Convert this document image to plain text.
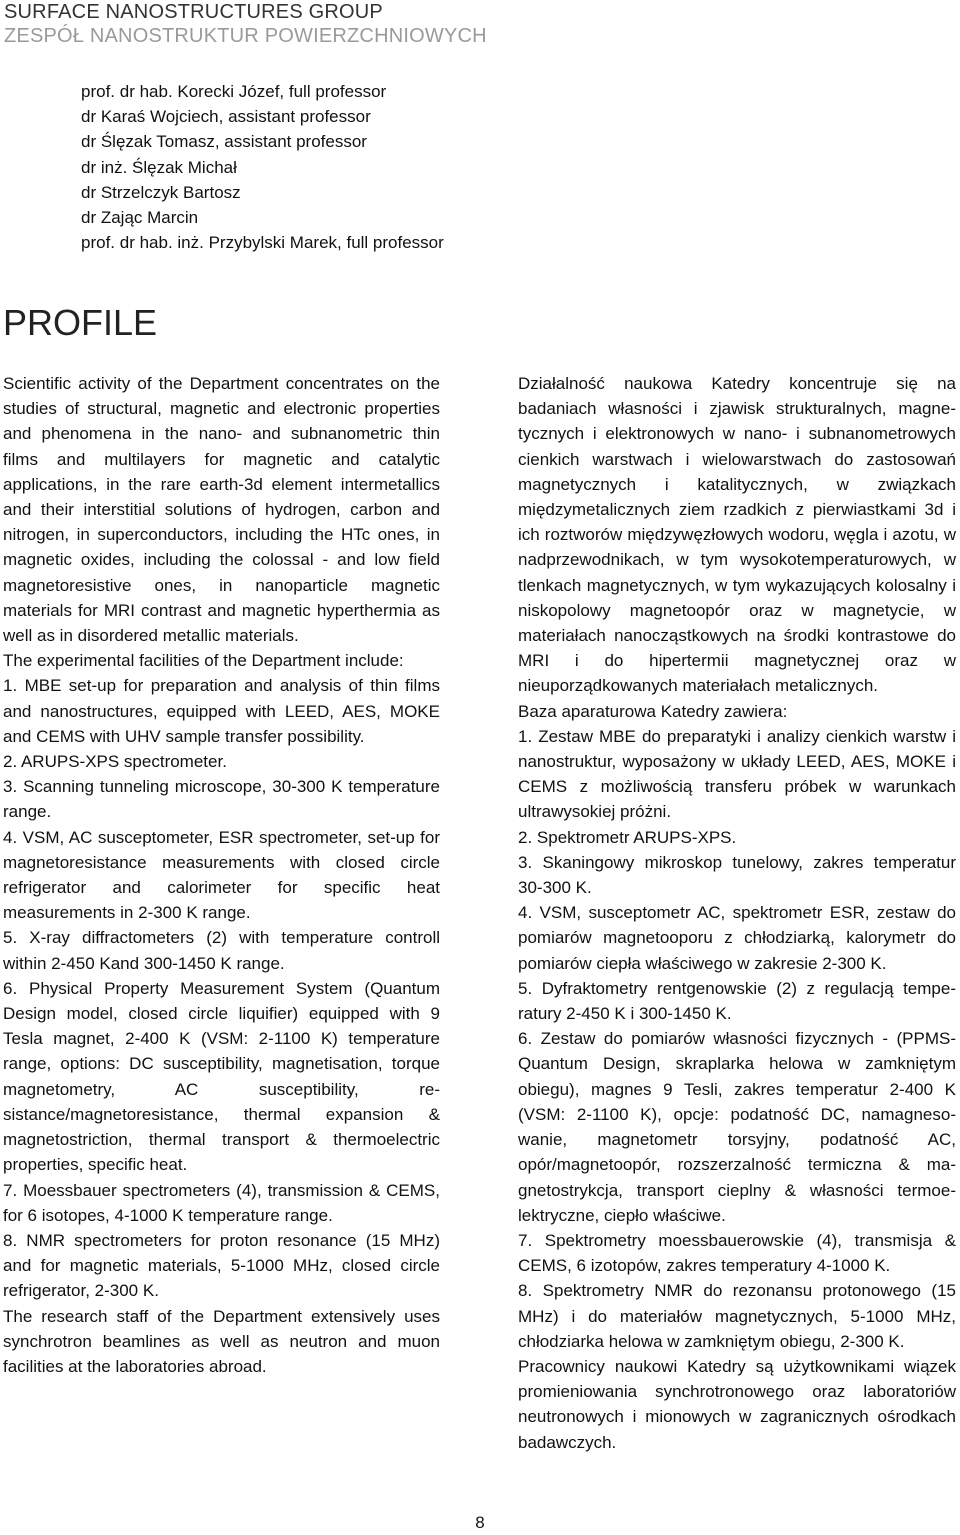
SURFACE NANOSTRUCTURES GROUP
ZESPÓŁ NANOSTRUKTUR POWIERZCHNIOWYCH
prof. dr hab. Korecki Józef, full professor
dr Karaś Wojciech, assistant professor
dr Ślęzak Tomasz, assistant professor
dr inż. Ślęzak Michał
dr Strzelczyk Bartosz
dr Zając Marcin
prof. dr hab. inż. Przybylski Marek, full professor
PROFILE

Scientific activity of the Department concentrates on the studies of structural, magnetic and electronic properties and phenomena in the nano- and subnanometric thin films and multilayers for magnetic and catalytic applications, in the rare earth-3d element intermetallics and their interstitial solutions of hydrogen, carbon and nitrogen, in superconductors, including the HTc ones, in magnetic oxides, including the colossal - and low field magnetoresistive ones, in nanoparticle magnetic materials for MRI contrast and magnetic hyperthermia as well as in disordered metallic materials.

The experimental facilities of the Department include:

1. MBE set-up for preparation and analysis of thin films and nanostructures, equipped with LEED, AES, MOKE and CEMS with UHV sample transfer possibility.

2. ARUPS-XPS spectrometer.

3. Scanning tunneling microscope, 30-300 K temperature range.

4. VSM, AC susceptometer, ESR spectrometer, set-up for magnetoresistance measurements with closed circle refrigerator and calorimeter for specific heat measurements in 2-300 K range.

5. X-ray diffractometers (2) with temperature controll within 2-450 Kand 300-1450 K range.

6. Physical Property Measurement System (Quantum Design model, closed circle liquifier) equipped with 9 Tesla magnet, 2-400 K (VSM: 2-1100 K) temperature range, options: DC susceptibility, magnetisation, torque magnetometry, AC susceptibility, resistance/magnetoresistance, thermal expansion & magnetostriction, thermal transport & thermoelectric properties, specific heat.

7. Moessbauer spectrometers (4), transmission & CEMS, for 6 isotopes, 4-1000 K temperature range.

8. NMR spectrometers for proton resonance (15 MHz) and for magnetic materials, 5-1000 MHz, closed circle refrigerator, 2-300 K.

The research staff of the Department extensively uses synchrotron beamlines as well as neutron and muon facilities at the laboratories abroad.

Działalność naukowa Katedry koncentruje się na badaniach własności i zjawisk strukturalnych, magnetycznych i elektronowych w nano- i subnanometrowych cienkich warstwach i wielowarstwach do zastosowań magnetycznych i katalitycznych, w związkach międzymetalicznych ziem rzadkich z pierwiastkami 3d i ich roztworów międzywęzłowych wodoru, węgla i azotu, w nadprzewodnikach, w tym wysokotemperaturowych, w tlenkach magnetycznych, w tym wykazujących kolosalny i niskopolowy magnetoopór oraz w magnetycie, w materiałach nanocząstkowych na środki kontrastowe do MRI i do hipertermii magnetycznej oraz w nieuporządkowanych materiałach metalicznych.

Baza aparaturowa Katedry zawiera:

1. Zestaw MBE do preparatyki i analizy cienkich warstw i nanostruktur, wyposażony w układy LEED, AES, MOKE i CEMS z możliwością transferu próbek w warunkach ultrawysokiej próżni.

2. Spektrometr ARUPS-XPS.

3. Skaningowy mikroskop tunelowy, zakres temperatur 30-300 K.

4. VSM, susceptometr AC, spektrometr ESR, zestaw do pomiarów magnetooporu z chłodziarką, kalorymetr do pomiarów ciepła właściwego w zakresie 2-300 K.

5. Dyfraktometry rentgenowskie (2) z regulacją temperatury 2-450 K i 300-1450 K.

6. Zestaw do pomiarów własności fizycznych - (PPMS-Quantum Design, skraplarka helowa w zamkniętym obiegu), magnes 9 Tesli, zakres temperatur 2-400 K (VSM: 2-1100 K), opcje: podatność DC, namagnesowanie, magnetometr torsyjny, podatność AC, opór/magnetoopór, rozszerzalność termiczna & magnetostrykcja, transport cieplny & własności termoelektryczne, ciepło właściwe.

7. Spektrometry moessbauerowskie (4), transmisja & CEMS, 6 izotopów, zakres temperatury 4-1000 K.

8. Spektrometry NMR do rezonansu protonowego (15 MHz) i do materiałów magnetycznych, 5-1000 MHz, chłodziarka helowa w zamkniętym obiegu, 2-300 K.

Pracownicy naukowi Katedry są użytkownikami wiązek promieniowania synchrotronowego oraz laboratoriów neutronowych i mionowych w zagranicznych ośrodkach badawczych.

8
